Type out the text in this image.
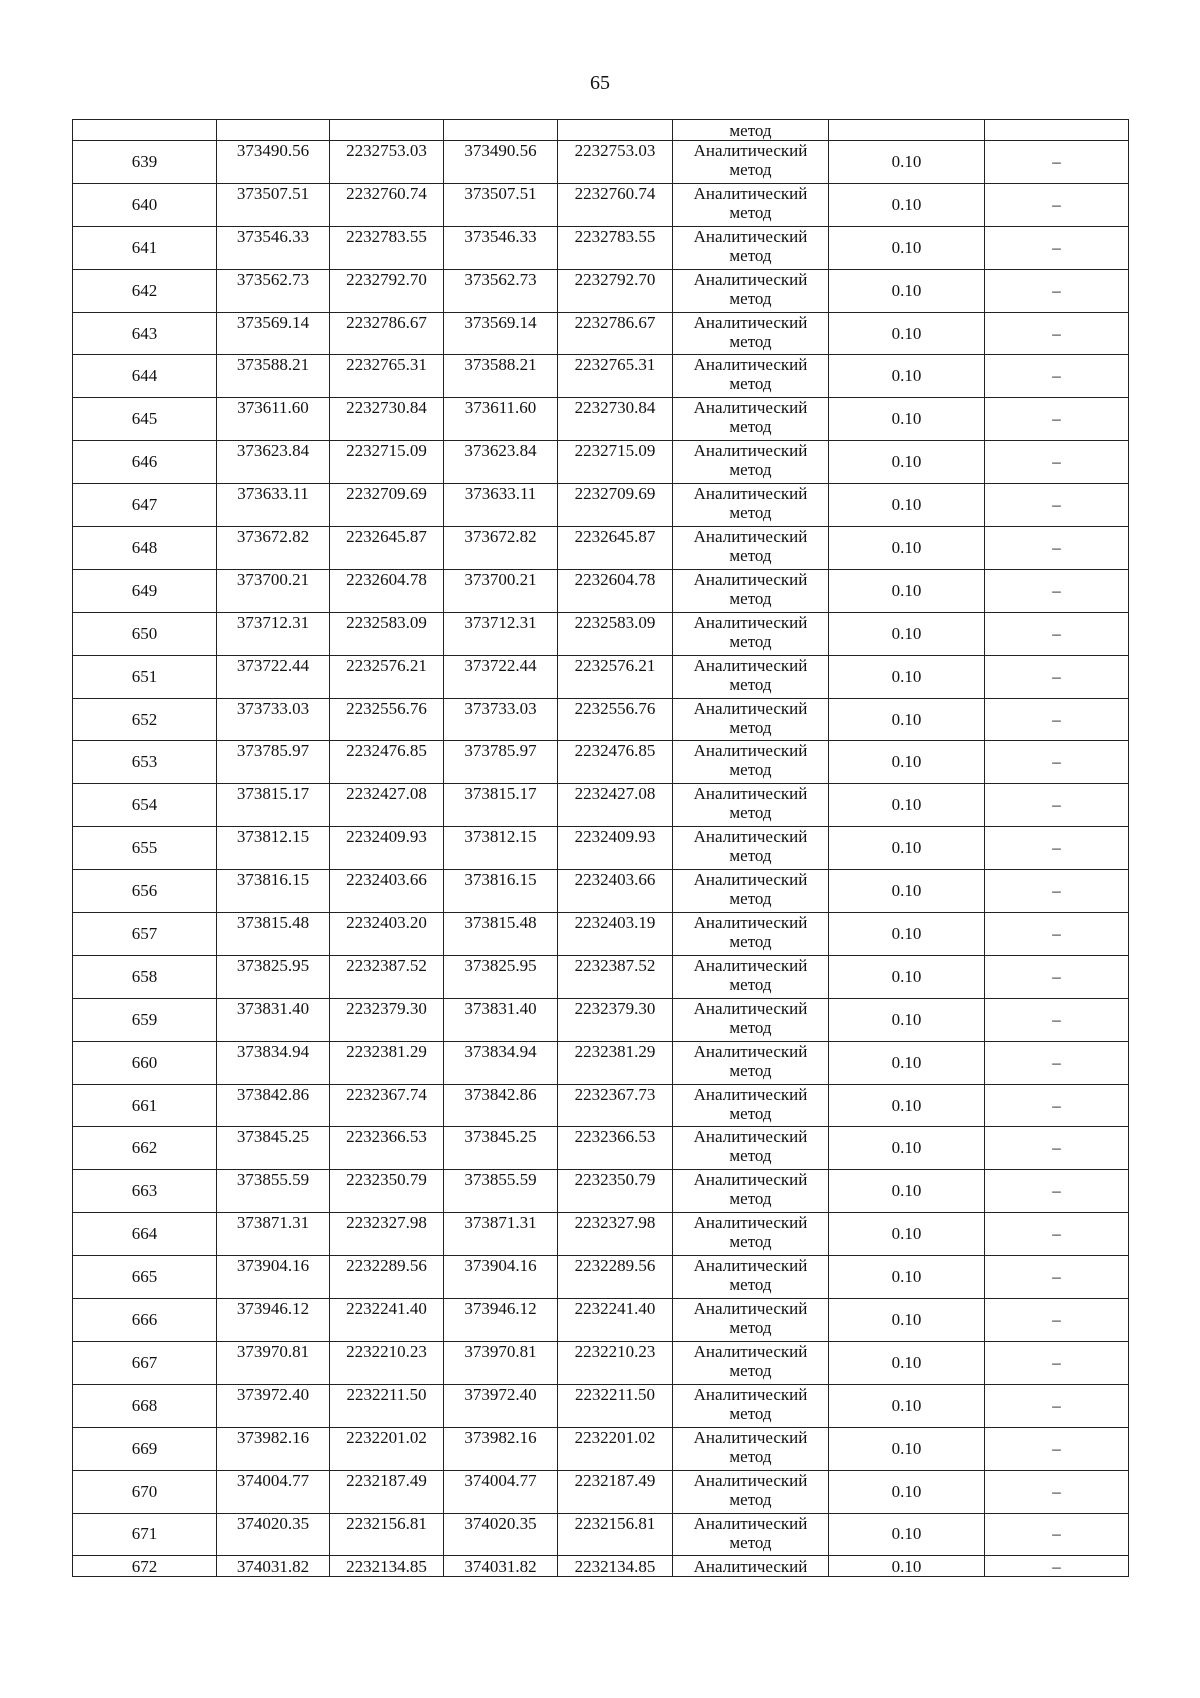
65
					метод		
639	373490.56	2232753.03	373490.56	2232753.03	Аналитический
метод	0.10	–
640	373507.51	2232760.74	373507.51	2232760.74	Аналитический
метод	0.10	–
641	373546.33	2232783.55	373546.33	2232783.55	Аналитический
метод	0.10	–
642	373562.73	2232792.70	373562.73	2232792.70	Аналитический
метод	0.10	–
643	373569.14	2232786.67	373569.14	2232786.67	Аналитический
метод	0.10	–
644	373588.21	2232765.31	373588.21	2232765.31	Аналитический
метод	0.10	–
645	373611.60	2232730.84	373611.60	2232730.84	Аналитический
метод	0.10	–
646	373623.84	2232715.09	373623.84	2232715.09	Аналитический
метод	0.10	–
647	373633.11	2232709.69	373633.11	2232709.69	Аналитический
метод	0.10	–
648	373672.82	2232645.87	373672.82	2232645.87	Аналитический
метод	0.10	–
649	373700.21	2232604.78	373700.21	2232604.78	Аналитический
метод	0.10	–
650	373712.31	2232583.09	373712.31	2232583.09	Аналитический
метод	0.10	–
651	373722.44	2232576.21	373722.44	2232576.21	Аналитический
метод	0.10	–
652	373733.03	2232556.76	373733.03	2232556.76	Аналитический
метод	0.10	–
653	373785.97	2232476.85	373785.97	2232476.85	Аналитический
метод	0.10	–
654	373815.17	2232427.08	373815.17	2232427.08	Аналитический
метод	0.10	–
655	373812.15	2232409.93	373812.15	2232409.93	Аналитический
метод	0.10	–
656	373816.15	2232403.66	373816.15	2232403.66	Аналитический
метод	0.10	–
657	373815.48	2232403.20	373815.48	2232403.19	Аналитический
метод	0.10	–
658	373825.95	2232387.52	373825.95	2232387.52	Аналитический
метод	0.10	–
659	373831.40	2232379.30	373831.40	2232379.30	Аналитический
метод	0.10	–
660	373834.94	2232381.29	373834.94	2232381.29	Аналитический
метод	0.10	–
661	373842.86	2232367.74	373842.86	2232367.73	Аналитический
метод	0.10	–
662	373845.25	2232366.53	373845.25	2232366.53	Аналитический
метод	0.10	–
663	373855.59	2232350.79	373855.59	2232350.79	Аналитический
метод	0.10	–
664	373871.31	2232327.98	373871.31	2232327.98	Аналитический
метод	0.10	–
665	373904.16	2232289.56	373904.16	2232289.56	Аналитический
метод	0.10	–
666	373946.12	2232241.40	373946.12	2232241.40	Аналитический
метод	0.10	–
667	373970.81	2232210.23	373970.81	2232210.23	Аналитический
метод	0.10	–
668	373972.40	2232211.50	373972.40	2232211.50	Аналитический
метод	0.10	–
669	373982.16	2232201.02	373982.16	2232201.02	Аналитический
метод	0.10	–
670	374004.77	2232187.49	374004.77	2232187.49	Аналитический
метод	0.10	–
671	374020.35	2232156.81	374020.35	2232156.81	Аналитический
метод	0.10	–
672	374031.82	2232134.85	374031.82	2232134.85	Аналитический	0.10	–
